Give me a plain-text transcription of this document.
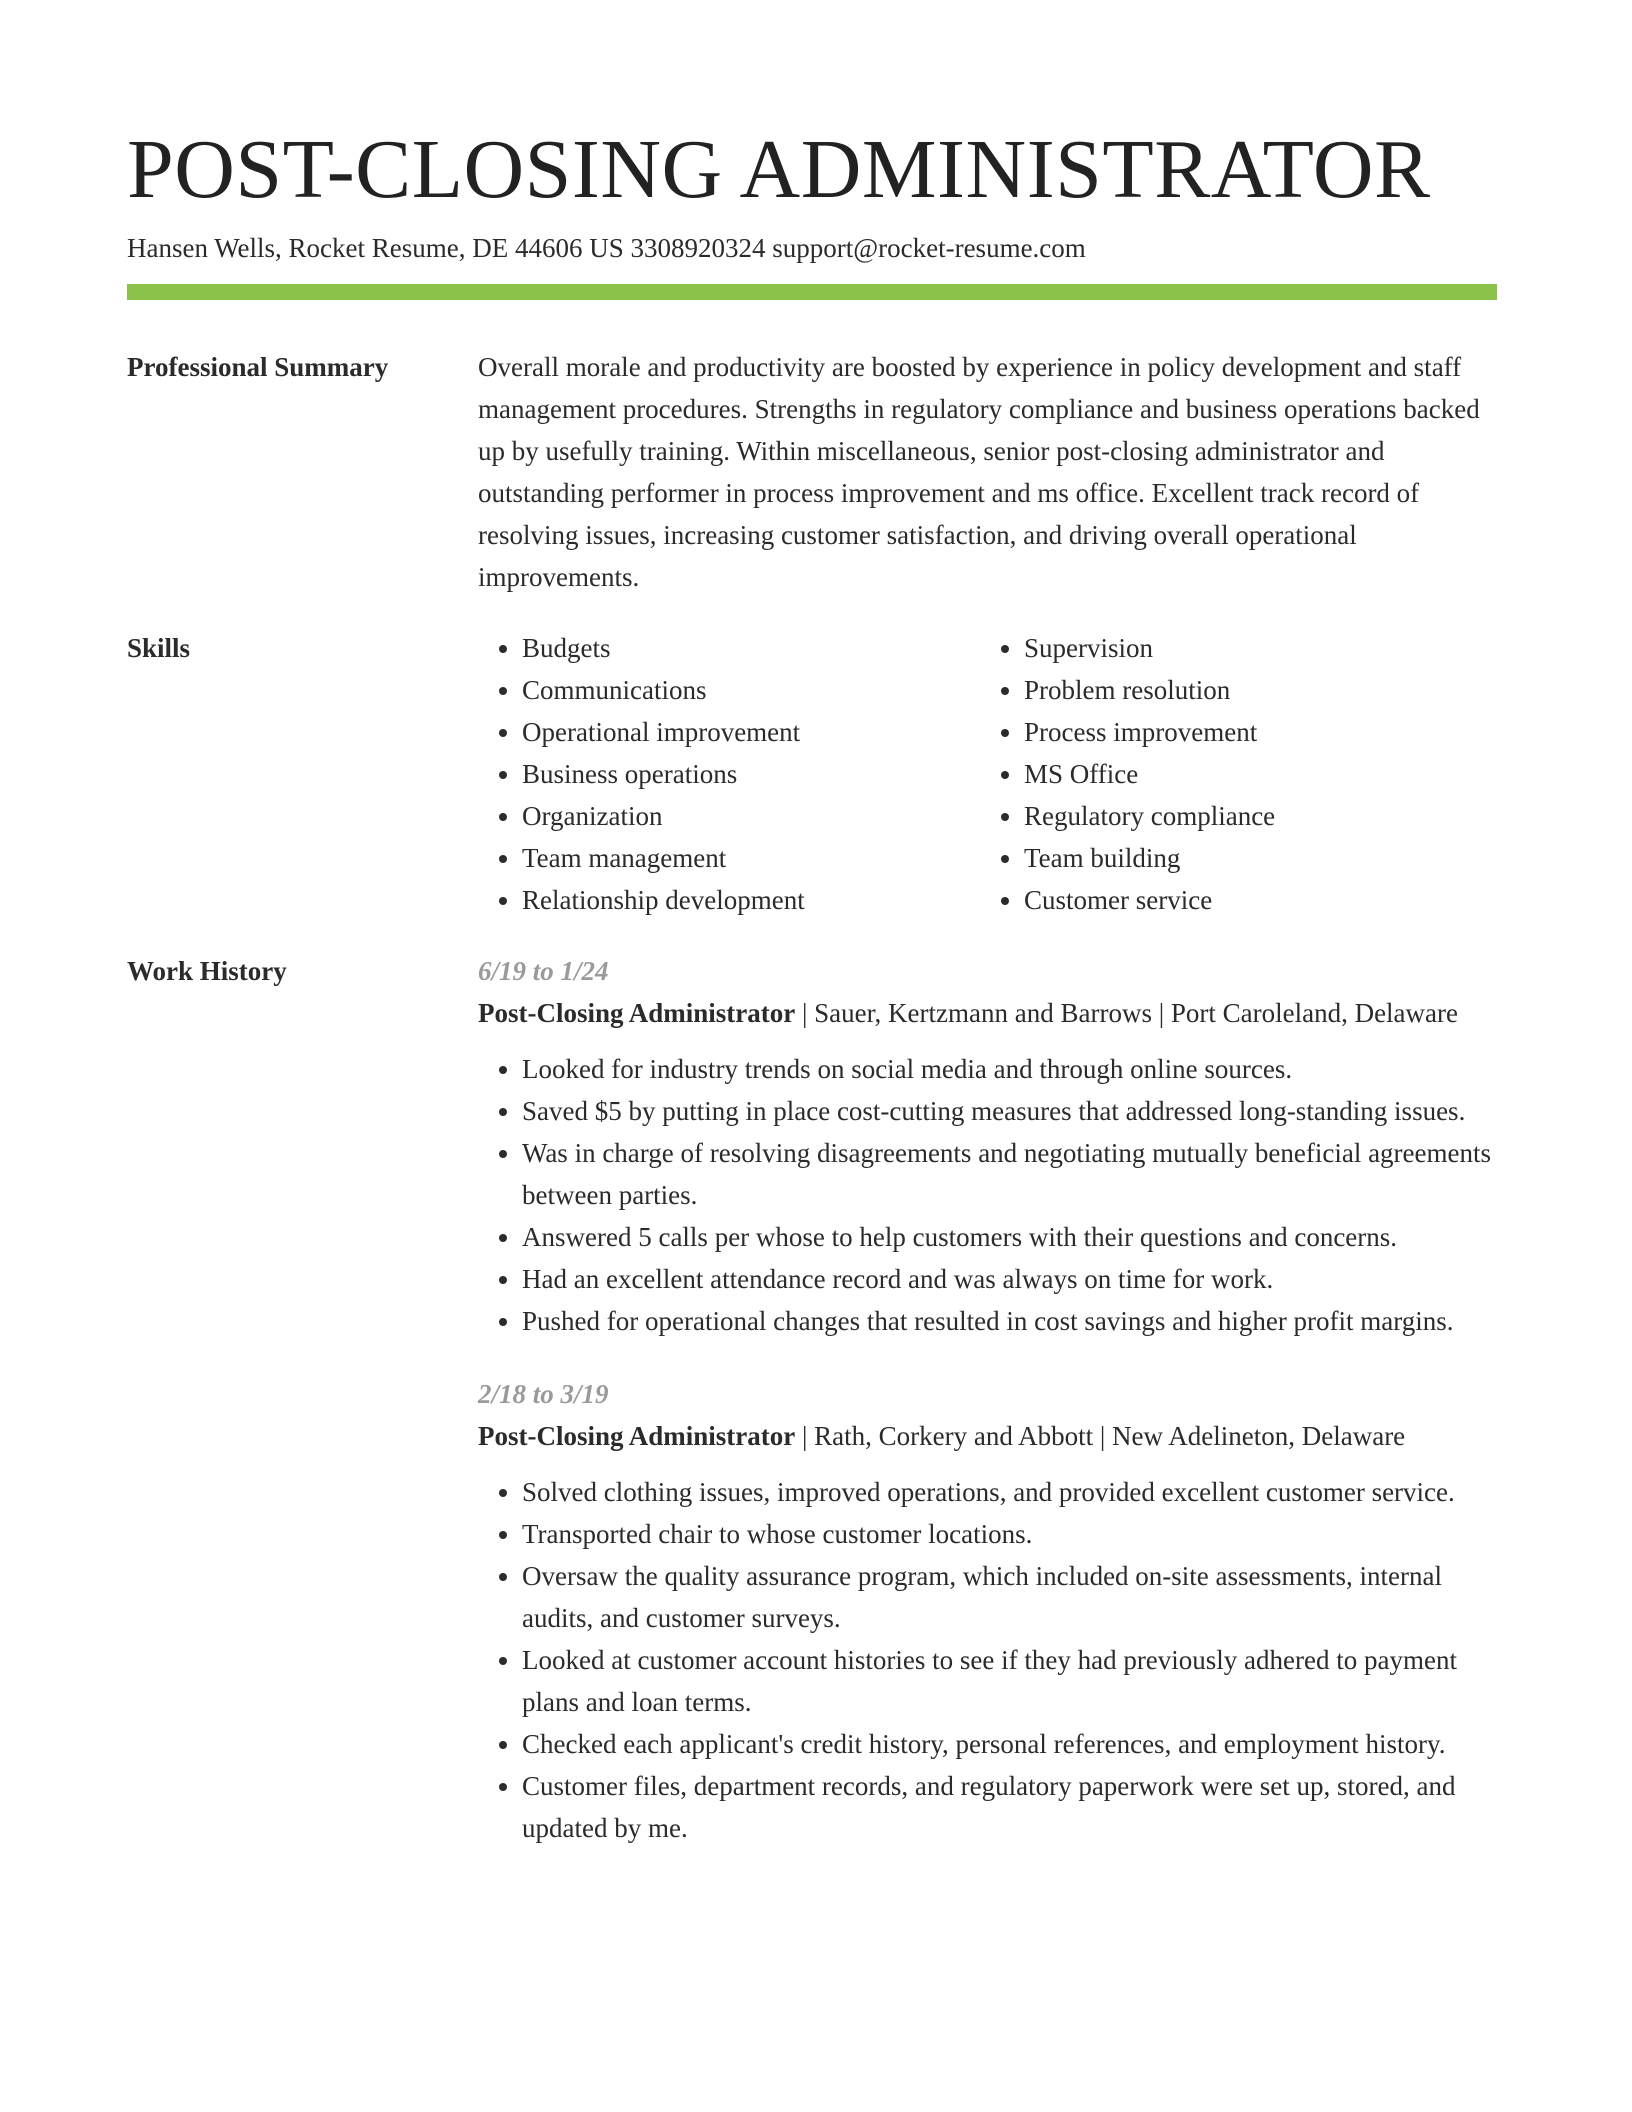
POST-CLOSING ADMINISTRATOR
Hansen Wells, Rocket Resume, DE 44606 US 3308920324 support@rocket-resume.com
Professional Summary	Overall morale and productivity are boosted by experience in policy development and staff management procedures. Strengths in regulatory compliance and business operations backed up by usefully training. Within miscellaneous, senior post-closing administrator and outstanding performer in process improvement and ms office. Excellent track record of resolving issues, increasing customer satisfaction, and driving overall operational improvements.

Skills
•	Budgets
• Communications
• Operational improvement
• Business operations
• Organization
• Team management
• Relationship development
• Supervision
• Problem resolution
• Process improvement
• MS Office
• Regulatory compliance
• Team building
• Customer service
Work History	6/19 to 1/24
Post-Closing Administrator | Sauer, Kertzmann and Barrows | Port Caroleland, Delaware
• Looked for industry trends on social media and through online sources.
• Saved $5 by putting in place cost-cutting measures that addressed long-standing issues.
• Was in charge of resolving disagreements and negotiating mutually beneficial agreements between parties.
• Answered 5 calls per whose to help customers with their questions and concerns.
• Had an excellent attendance record and was always on time for work.
• Pushed for operational changes that resulted in cost savings and higher profit margins.
2/18 to 3/19
Post-Closing Administrator | Rath, Corkery and Abbott | New Adelineton, Delaware
• Solved clothing issues, improved operations, and provided excellent customer service.
• Transported chair to whose customer locations.
• Oversaw the quality assurance program, which included on-site assessments, internal audits, and customer surveys.
• Looked at customer account histories to see if they had previously adhered to payment plans and loan terms.
• Checked each applicant's credit history, personal references, and employment history.
• Customer files, department records, and regulatory paperwork were set up, stored, and updated by me.
